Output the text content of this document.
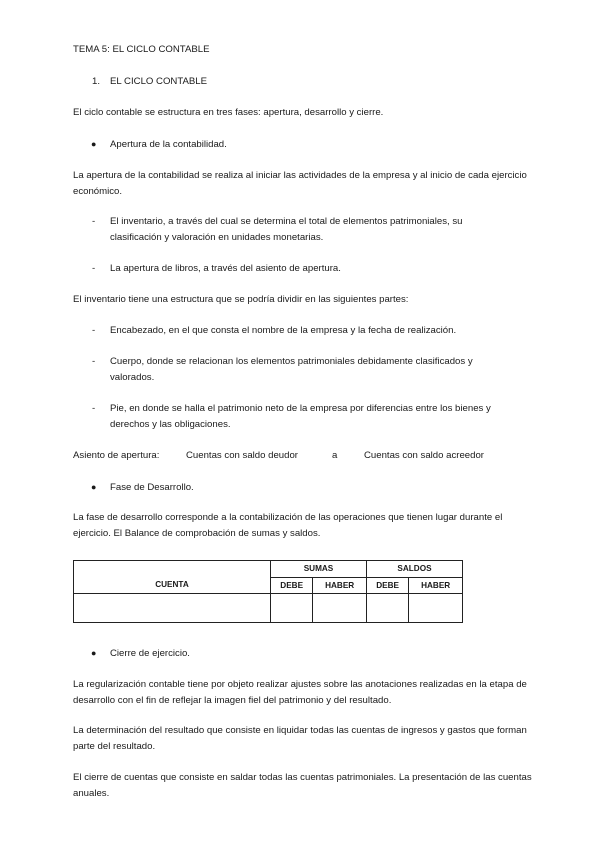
TEMA 5: EL CICLO CONTABLE
1. EL CICLO CONTABLE
El ciclo contable se estructura en tres fases: apertura, desarrollo y cierre.
● Apertura de la contabilidad.
La apertura de la contabilidad se realiza al iniciar las actividades de la empresa y al inicio de cada ejercicio económico.
- El inventario, a través del cual se determina el total de elementos patrimoniales, su clasificación y valoración en unidades monetarias.
- La apertura de libros, a través del asiento de apertura.
El inventario tiene una estructura que se podría dividir en las siguientes partes:
- Encabezado, en el que consta el nombre de la empresa y la fecha de realización.
- Cuerpo, donde se relacionan los elementos patrimoniales debidamente clasificados y valorados.
- Pie, en donde se halla el patrimonio neto de la empresa por diferencias entre los bienes y derechos y las obligaciones.
Asiento de apertura:	Cuentas con saldo deudor	a	Cuentas con saldo acreedor
● Fase de Desarrollo.
La fase de desarrollo corresponde a la contabilización de las operaciones que tienen lugar durante el ejercicio. El Balance de comprobación de sumas y saldos.
CUENTA	SUMAS		SALDOS	
	DEBE	HABER	DEBE	HABER

● Cierre de ejercicio.
La regularización contable tiene por objeto realizar ajustes sobre las anotaciones realizadas en la etapa de desarrollo con el fin de reflejar la imagen fiel del patrimonio y del resultado.
La determinación del resultado que consiste en liquidar todas las cuentas de ingresos y gastos que forman parte del resultado.
El cierre de cuentas que consiste en saldar todas las cuentas patrimoniales. La presentación de las cuentas anuales.
